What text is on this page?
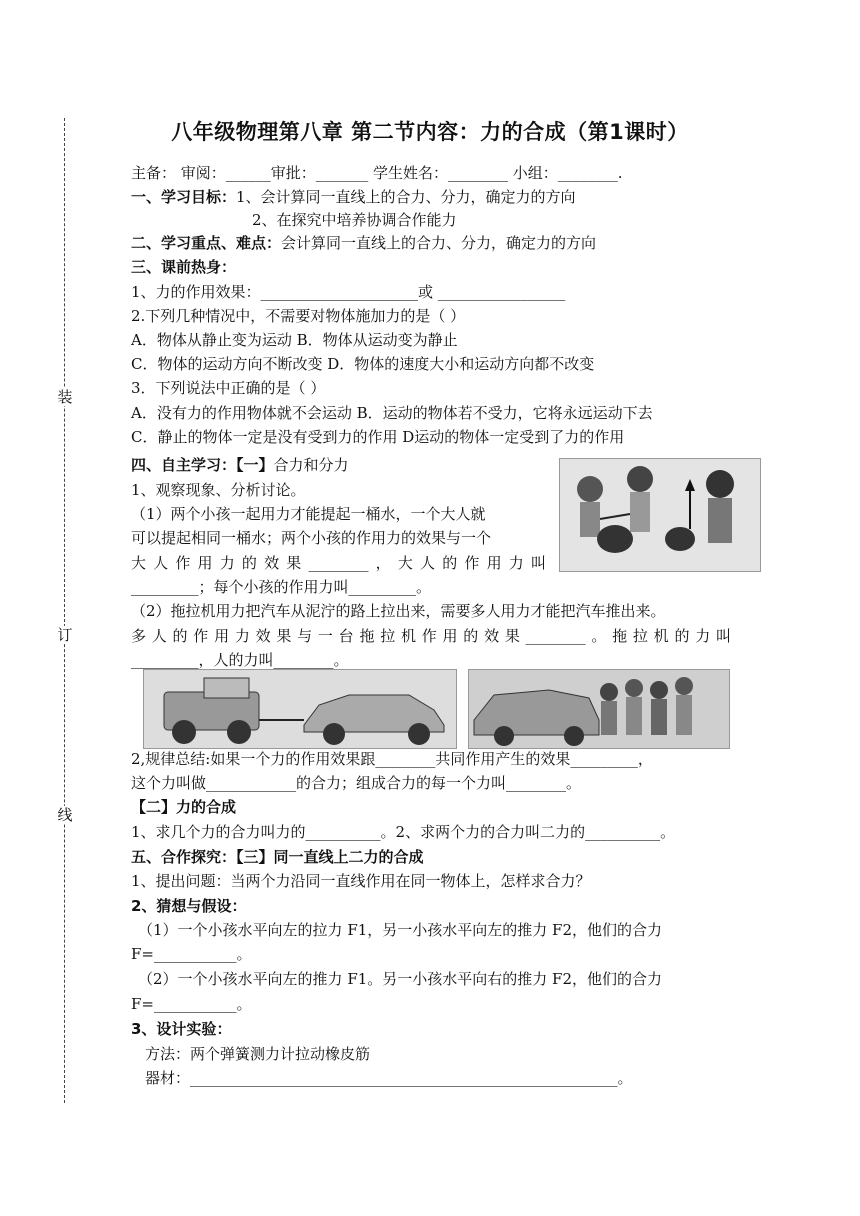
装
订
线
八年级物理第八章 第二节内容：力的合成（第1课时）
主备： 审阅：______审批：_______ 学生姓名：________ 小组：________.
一、学习目标：1、会计算同一直线上的合力、分力，确定力的方向
2、在探究中培养协调合作能力
二、学习重点、难点：会计算同一直线上的合力、分力，确定力的方向
三、课前热身：
1、力的作用效果：_____________________或 _________________
2.下列几种情况中，不需要对物体施加力的是（ ）
A．物体从静止变为运动 B．物体从运动变为静止
C．物体的运动方向不断改变 D．物体的速度大小和运动方向都不改变
3．下列说法中正确的是（ ）
A．没有力的作用物体就不会运动 B．运动的物体若不受力，它将永远运动下去
C．静止的物体一定是没有受到力的作用 D运动的物体一定受到了力的作用
四、自主学习：【一】合力和分力
1、观察现象、分析讨论。
（1）两个小孩一起用力才能提起一桶水，一个大人就
可以提起相同一桶水；两个小孩的作用力的效果与一个
大人作用力的效果________，大人的作用力叫
_________；每个小孩的作用力叫_________。
（2）拖拉机用力把汽车从泥泞的路上拉出来，需要多人用力才能把汽车推出来。
多人的作用力效果与一台拖拉机作用的效果________。拖拉机的力叫
_________，人的力叫________。
2,规律总结:如果一个力的作用效果跟________共同作用产生的效果_________，
这个力叫做____________的合力；组成合力的每一个力叫________。
【二】力的合成
1、求几个力的合力叫力的__________。2、求两个力的合力叫二力的__________。
五、合作探究：【三】同一直线上二力的合成
1、提出问题：当两个力沿同一直线作用在同一物体上，怎样求合力？
2、猜想与假设：
（1）一个小孩水平向左的拉力 F1，另一小孩水平向左的推力 F2，他们的合力
F=___________。
（2）一个小孩水平向左的推力 F1。另一小孩水平向右的推力 F2，他们的合力
F=___________。
3、设计实验：
方法：两个弹簧测力计拉动橡皮筋
器材：_________________________________________________________。
